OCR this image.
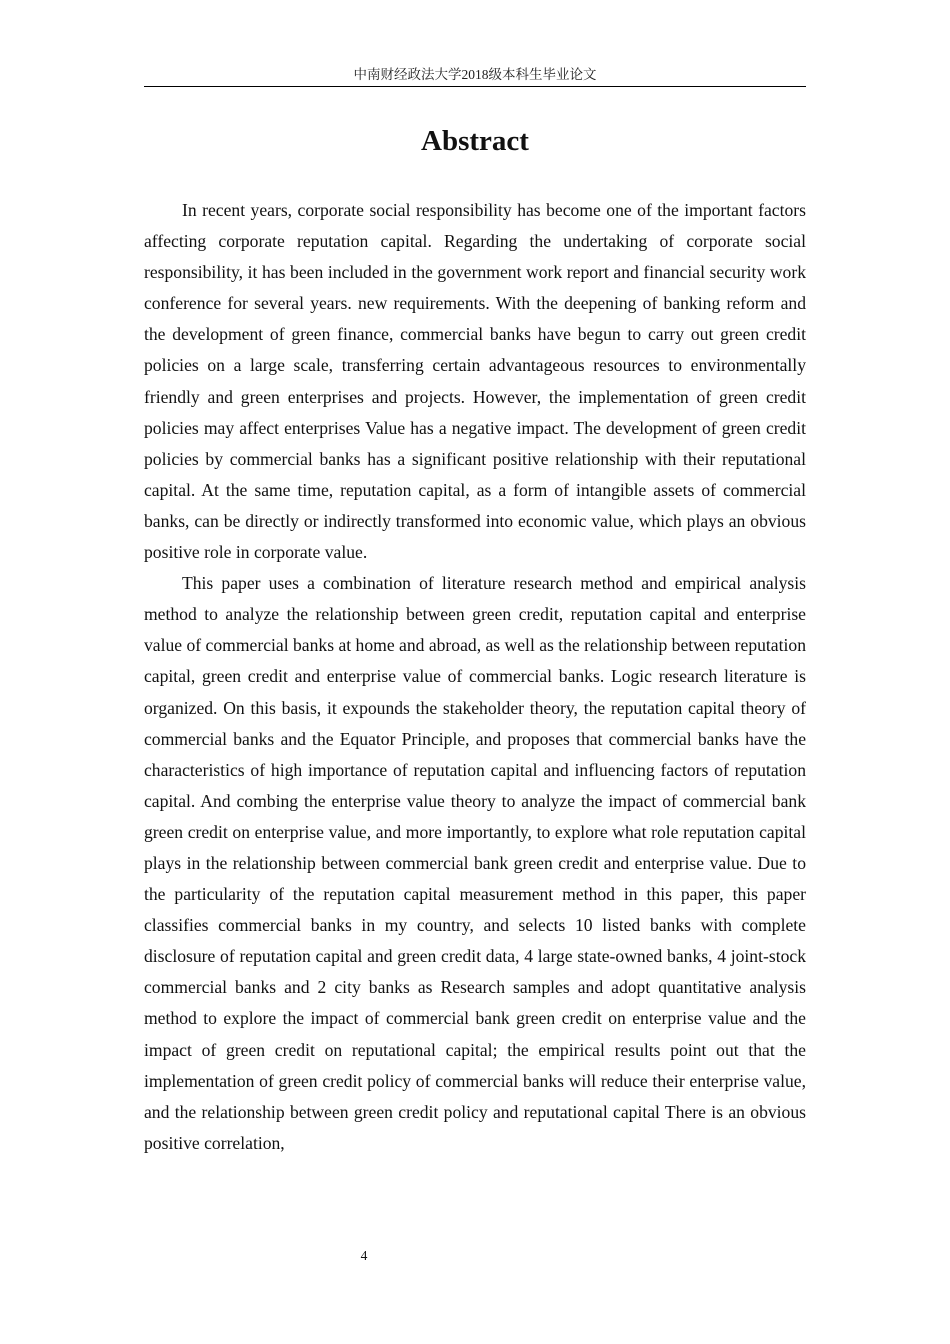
中南财经政法大学2018级本科生毕业论文
Abstract

In recent years, corporate social responsibility has become one of the important factors affecting corporate reputation capital. Regarding the undertaking of corporate social responsibility, it has been included in the government work report and financial security work conference for several years. new requirements. With the deepening of banking reform and the development of green finance, commercial banks have begun to carry out green credit policies on a large scale, transferring certain advantageous resources to environmentally friendly and green enterprises and projects. However, the implementation of green credit policies may affect enterprises Value has a negative impact. The development of green credit policies by commercial banks has a significant positive relationship with their reputational capital. At the same time, reputation capital, as a form of intangible assets of commercial banks, can be directly or indirectly transformed into economic value, which plays an obvious positive role in corporate value.

This paper uses a combination of literature research method and empirical analysis method to analyze the relationship between green credit, reputation capital and enterprise value of commercial banks at home and abroad, as well as the relationship between reputation capital, green credit and enterprise value of commercial banks. Logic research literature is organized. On this basis, it expounds the stakeholder theory, the reputation capital theory of commercial banks and the Equator Principle, and proposes that commercial banks have the characteristics of high importance of reputation capital and influencing factors of reputation capital. And combing the enterprise value theory to analyze the impact of commercial bank green credit on enterprise value, and more importantly, to explore what role reputation capital plays in the relationship between commercial bank green credit and enterprise value. Due to the particularity of the reputation capital measurement method in this paper, this paper classifies commercial banks in my country, and selects 10 listed banks with complete disclosure of reputation capital and green credit data, 4 large state-owned banks, 4 joint-stock commercial banks and 2 city banks as Research samples and adopt quantitative analysis method to explore the impact of commercial bank green credit on enterprise value and the impact of green credit on reputational capital; the empirical results point out that the implementation of green credit policy of commercial banks will reduce their enterprise value, and the relationship between green credit policy and reputational capital There is an obvious positive correlation,

4
